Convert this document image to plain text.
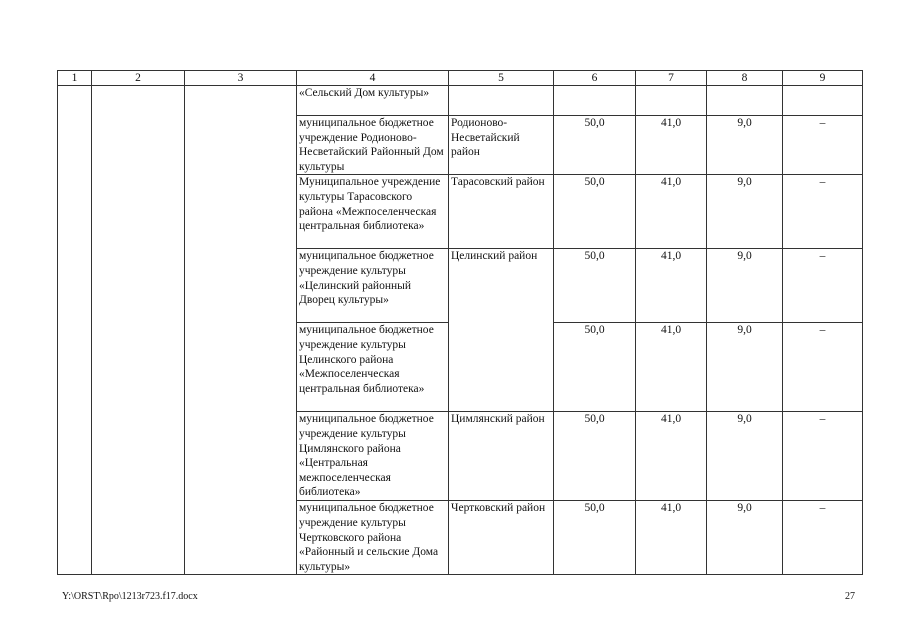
1	2	3	4	5	6	7	8	9
			«Сельский Дом культуры»					
			муниципальное бюджетное учреждение Родионово-Несветайский Районный Дом культуры	Родионово-Несветайский район	50,0	41,0	9,0	–
			Муниципальное учреждение культуры Тарасовского района «Межпоселенческая центральная библиотека»	Тарасовский район	50,0	41,0	9,0	–
			муниципальное бюджетное учреждение культуры «Целинский районный Дворец культуры»	Целинский район	50,0	41,0	9,0	–
			муниципальное бюджетное учреждение культуры Целинского района «Межпоселенческая центральная библиотека»		50,0	41,0	9,0	–
			муниципальное бюджетное учреждение культуры Цимлянского района «Центральная межпоселенческая библиотека»	Цимлянский район	50,0	41,0	9,0	–
			муниципальное бюджетное учреждение культуры Чертковского района «Районный и сельские Дома культуры»	Чертковский район	50,0	41,0	9,0	–
Y:\ORST\Rpo\1213r723.f17.docx	27
